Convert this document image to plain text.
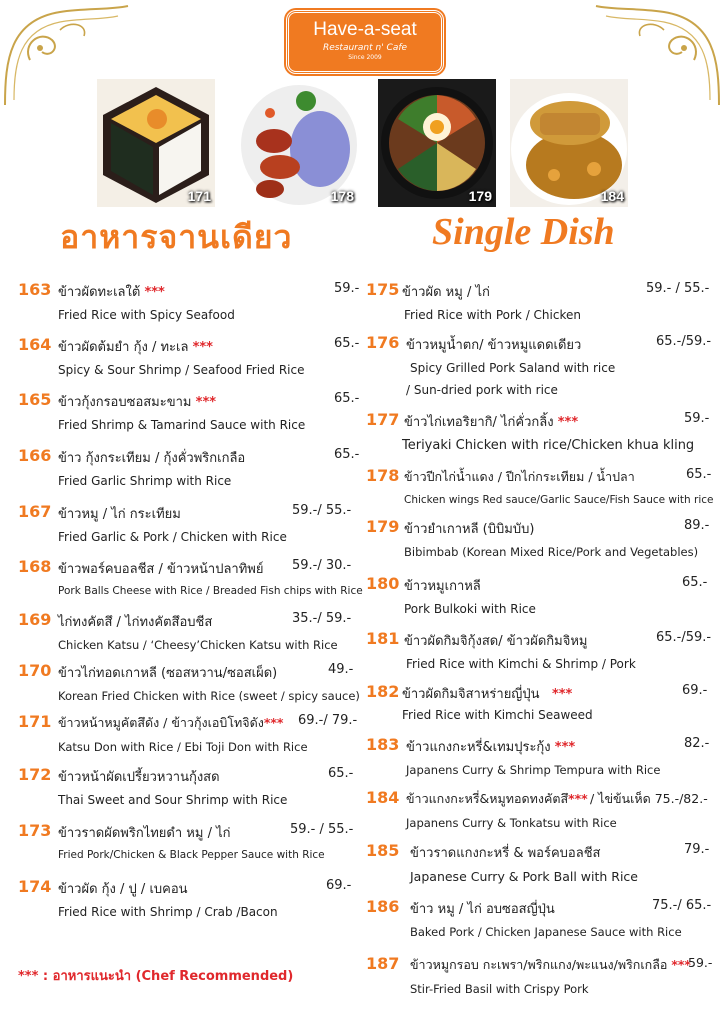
Have-a-seat
Restaurant n' Cafe
Since 2009
171	178	179	184
อาหารจานเดียว	Single Dish
163 ข้าวผัดทะเลใต้ ***	59.-
Fried Rice with Spicy Seafood
164 ข้าวผัดต้มยำ กุ้ง / ทะเล ***	65.-
Spicy & Sour Shrimp / Seafood Fried Rice
165 ข้าวกุ้งกรอบซอสมะขาม ***	65.-
Fried Shrimp & Tamarind Sauce with Rice
166 ข้าว กุ้งกระเทียม / กุ้งคั่วพริกเกลือ	65.-
Fried Garlic Shrimp with Rice
167 ข้าวหมู / ไก่ กระเทียม	59.-/ 55.-
Fried Garlic & Pork / Chicken with Rice
168 ข้าวพอร์คบอลชีส / ข้าวหน้าปลาทิพย์ 59.-/ 30.-
Pork Balls Cheese with Rice / Breaded Fish chips with Rice
169 ไก่ทงคัตสึ / ไก่ทงคัตสึอบชีส	35.-/ 59.-
Chicken Katsu / ‘Cheesy’Chicken Katsu with Rice
170 ข้าวไก่ทอดเกาหลี (ซอสหวาน/ซอสเผ็ด)	49.-
Korean Fried Chicken with Rice (sweet / spicy sauce)
171 ข้าวหน้าหมูคัตสึดัง / ข้าวกุ้งเอบิโทจิดัง*** 69.-/ 79.-
Katsu Don with Rice / Ebi Toji Don with Rice
172 ข้าวหน้าผัดเปรี้ยวหวานกุ้งสด	65.-
Thai Sweet and Sour Shrimp with Rice
173 ข้าวราดผัดพริกไทยดำ หมู / ไก่	59.- / 55.-
Fried Pork/Chicken & Black Pepper Sauce with Rice
174 ข้าวผัด กุ้ง / ปู / เบคอน	69.-
Fried Rice with Shrimp / Crab /Bacon
175 ข้าวผัด หมู / ไก่	59.- / 55.-
Fried Rice with Pork / Chicken
176 ข้าวหมูน้ำตก/ ข้าวหมูแดดเดียว	65.-/59.-
Spicy Grilled Pork Saland with rice
/ Sun-dried pork with rice
177 ข้าวไก่เทอริยากิ/ ไก่คั่วกลิ้ง ***	59.-
Teriyaki Chicken with rice/Chicken khua kling
178 ข้าวปีกไก่น้ำแดง / ปีกไก่กระเทียม / น้ำปลา	65.-
Chicken wings Red sauce/Garlic Sauce/Fish Sauce with rice
179 ข้าวยำเกาหลี (บิบิมบับ)	89.-
Bibimbab (Korean Mixed Rice/Pork and Vegetables)
180 ข้าวหมูเกาหลี	65.-
Pork Bulkoki with Rice
181 ข้าวผัดกิมจิกุ้งสด/ ข้าวผัดกิมจิหมู	65.-/59.-
Fried Rice with Kimchi & Shrimp / Pork
182 ข้าวผัดกิมจิสาหร่ายญี่ปุ่น ***	69.-
Fried Rice with Kimchi Seaweed
183 ข้าวแกงกะหรี่&เทมปุระกุ้ง ***	82.-
Japanens Curry & Shrimp Tempura with Rice
184 ข้าวแกงกะหรี่&หมูทอดทงคัตสึ*** / ไข่ข้นเห็ด 75.-/82.-
Japanens Curry & Tonkatsu with Rice
185 ข้าวราดแกงกะหรี่ & พอร์คบอลชีส	79.-
Japanese Curry & Pork Ball with Rice
186 ข้าว หมู / ไก่ อบซอสญี่ปุ่น	75.-/ 65.-
Baked Pork / Chicken Japanese Sauce with Rice
187 ข้าวหมูกรอบ กะเพรา/พริกแกง/พะแนง/พริกเกลือ ***
59.-
Stir-Fried Basil with Crispy Pork
*** : อาหารแนะนำ (Chef Recommended)
